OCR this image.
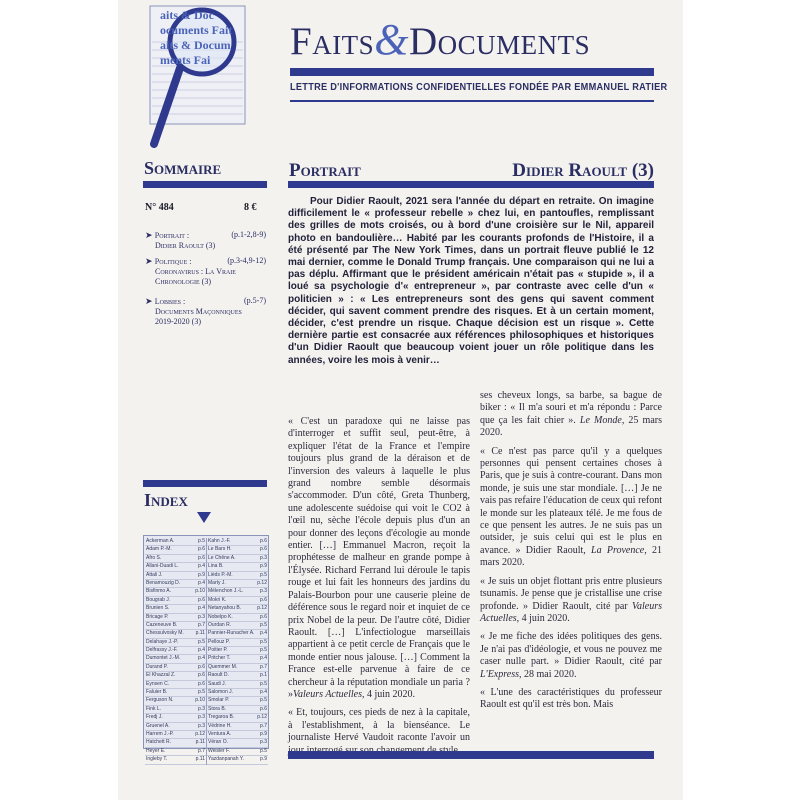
aits & Doc
ocuments Fait
aits & Docum
ments Fai	Faits&Documents
LETTRE D'INFORMATIONS CONFIDENTIELLES FONDÉE PAR EMMANUEL RATIER
Sommaire
N° 484	8 €
➤ Portrait :	(p.1-2,8-9)
Didier Raoult (3)
➤ Politique :	(p.3-4,9-12)
Coronavirus : La Vraie Chronologie (3)
➤ Lobbies :	(p.5-7)
Documents Maçonniques 2019-2020 (3)
Index
Ackerman A.	p.5
Adam P.-M.	p.6
Afro S.	p.6
Allani-Duadi L.	p.4
Attali J.	p.9
Benamouzig D.	p.4
Bisfinmo A.	p.10
Bougrab J.	p.6
Brunien S.	p.4
Bricage P.	p.3
Cazeneuve B.	p.7
Chessulvosky M. p.11
Delahaye J.-P.	p.5
Delfrassy J.-F.	p.4
Dumontet J.-M.	p.4
Durand P.	p.6
El Khazzal Z.	p.6
Eynsen C.	p.6
Faluier B.	p.5
Ferguson N.	p.10
Fink L.	p.3
Fredj J.	p.3
Gruenel A.	p.3
Harrem J.-P.	p.12
Hatchett R.	p.11
Heyer E.	p.7
Ingleby T.	p.11
Kahn J.-F.	p.6
Le Bars H.	p.6
Le Chêne A.	p.3
Lina B.	p.9
Lièds P.-M.	p.5
Marty J.	p.12
Mélenchon J.-L.	p.3
Mokri K.	p.6
Netanyahou B.	p.12
Nobelpo K.	p.6
Ourdan R.	p.5
Pannier-Runacher A. p.4
Pellouz P.	p.5
Poitier P.	p.5
Pritcher T.	p.4
Quemmer M.	p.7
Raoult D.	p.1
Saudi J.	p.5
Salomon J.	p.4
Smolar P.	p.5
Stora B.	p.6
Tregaroa B.	p.12
Védrine H.	p.7
Ventura A.	p.9
Véran O.	p.3
Weisler F.	p.5
Yazdanpanah Y.	p.9
Portrait	Didier Raoult (3)
Pour Didier Raoult, 2021 sera l'année du départ en retraite. On imagine difficilement le « professeur rebelle » chez lui, en pantoufles, remplissant des grilles de mots croisés, ou à bord d'une croisière sur le Nil, appareil photo en bandoulière… Habité par les courants profonds de l'Histoire, il a été présenté par The New York Times, dans un portrait fleuve publié le 12 mai dernier, comme le Donald Trump français. Une comparaison qui ne lui a pas déplu. Affirmant que le président américain n'était pas « stupide », il a loué sa psychologie d'« entrepreneur », par contraste avec celle d'un « politicien » : « Les entrepreneurs sont des gens qui savent comment décider, qui savent comment prendre des risques. Et à un certain moment, décider, c'est prendre un risque. Chaque décision est un risque ». Cette dernière partie est consacrée aux références philosophiques et historiques d'un Didier Raoult que beaucoup voient jouer un rôle politique dans les années, voire les mois à venir…

« C'est un paradoxe qui ne laisse pas d'interroger et suffit seul, peut-être, à expliquer l'état de la France et l'empire toujours plus grand de la déraison et de l'inversion des valeurs à laquelle le plus grand nombre semble désormais s'accommoder. D'un côté, Greta Thunberg, une adolescente suédoise qui voit le CO2 à l'œil nu, sèche l'école depuis plus d'un an pour donner des leçons d'écologie au monde entier. […] Emmanuel Macron, reçoit la prophétesse de malheur en grande pompe à l'Élysée. Richard Ferrand lui déroule le tapis rouge et lui fait les honneurs des jardins du Palais-Bourbon pour une causerie pleine de déférence sous le regard noir et inquiet de ce prix Nobel de la peur. De l'autre côté, Didier Raoult. […] L'infectiologue marseillais appartient à ce petit cercle de Français que le monde entier nous jalouse. […] Comment la France est-elle parvenue à faire de ce chercheur à la réputation mondiale un paria ? »Valeurs Actuelles, 4 juin 2020.

« Et, toujours, ces pieds de nez à la capitale, à l'establishment, à la bienséance. Le journaliste Hervé Vaudoit raconte l'avoir un

ses cheveux longs, sa barbe, sa bague de biker : « Il m'a souri et m'a répondu : Parce que ça les fait chier ». Le Monde, 25 mars 2020.

« Ce n'est pas parce qu'il y a quelques personnes qui pensent certaines choses à Paris, que je suis à contre-courant. Dans mon monde, je suis une star mondiale. […] Je ne vais pas refaire l'éducation de ceux qui refont le monde sur les plateaux télé. Je me fous de ce que pensent les autres. Je ne suis pas un outsider, je suis celui qui est le plus en avance. » Didier Raoult, La Provence, 21 mars 2020.

« Je suis un objet flottant pris entre plusieurs tsunamis. Je pense que je cristallise une crise profonde. » Didier Raoult, cité par Valeurs Actuelles, 4 juin 2020.

« Je me fiche des idées politiques des gens. Je n'ai pas d'idéologie, et vous ne pouvez me caser nulle part. » Didier Raoult, cité par L'Express, 28 mai 2020.

« L'une des caractéristiques du professeur Raoult est qu'il est très bon. Mais
